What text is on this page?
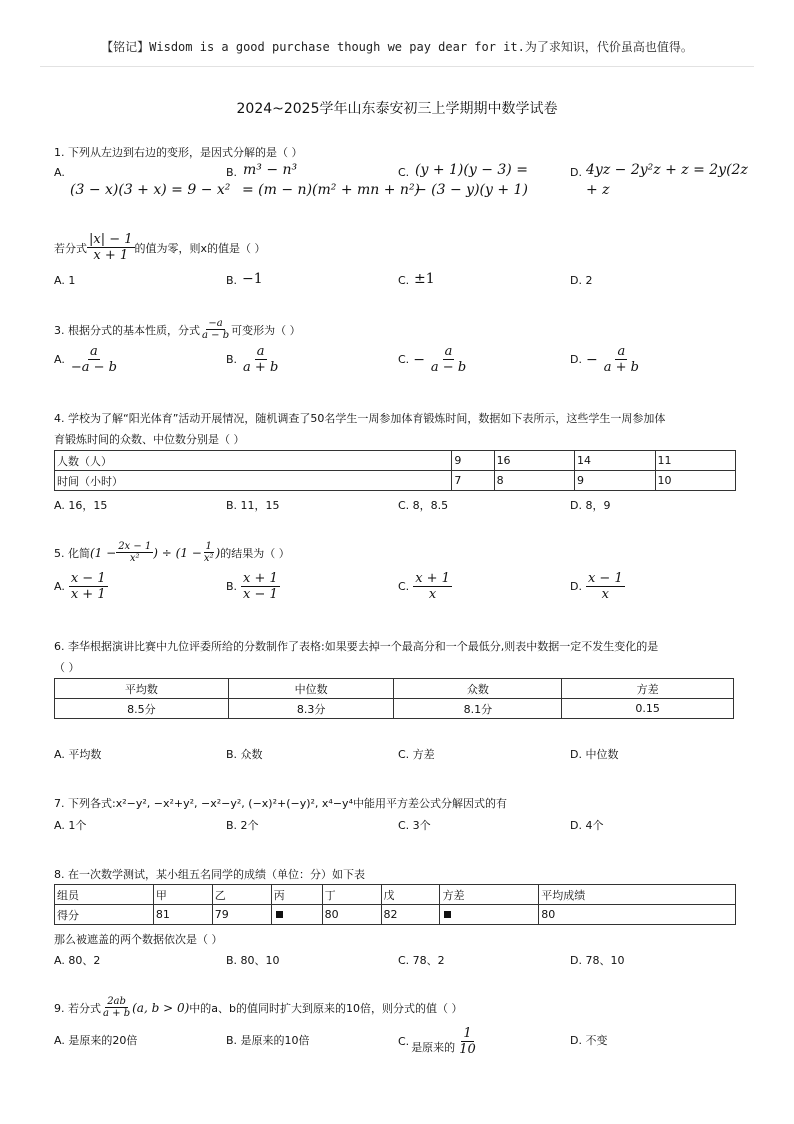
【铭记】Wisdom is a good purchase though we pay dear for it.为了求知识，代价虽高也值得。
2024~2025学年山东泰安初三上学期期中数学试卷
1. 下列从左边到右边的变形，是因式分解的是（ ）
A.
(3 − x)(3 + x) = 9 − x²
B. m³ − n³
= (m − n)(m² + mn + n²)
C. (y + 1)(y − 3) =
− (3 − y)(y + 1)
D. 4yz − 2y²z + z = 2y(2z
+ z
若分式 $\frac{|x| - 1}{x + 1}$ 的值为零，则x的值是（ ）
A. 1	B. −1	C. ±1	D. 2
3. 根据分式的基本性质，分式 $\frac{-a}{a - b}$ 可变形为（ ）
A. $\frac{a}{-a - b}$	B. $\frac{a}{a + b}$	C. − $\frac{a}{a - b}$	D. − $\frac{a}{a + b}$
4. 学校为了解“阳光体育”活动开展情况，随机调查了50名学生一周参加体育锻炼时间，数据如下表所示，这些学生一周参加体
育锻炼时间的众数、中位数分别是（ ）
人数（人）	9	16	14	11
时间（小时）	7	8	9	10
A. 16，15	B. 11，15	C. 8，8.5	D. 8，9
5. 化简 ($1 - \frac{2x - 1}{\text{x²}}$ ) ÷ ($1 - \frac{1}{\text{x²}}$ ) 的结果为（ ）
A. $\frac{x - 1}{x + 1}$	B. $\frac{x + 1}{x - 1}$	C. $\frac{x + 1}{x}$	D. $\frac{x - 1}{x}$
6. 李华根据演讲比赛中九位评委所给的分数制作了表格:如果要去掉一个最高分和一个最低分,则表中数据一定不发生变化的是
（ ）
平均数	中位数	众数	方差
8.5分	8.3分	8.1分	0.15
A. 平均数	B. 众数	C. 方差	D. 中位数
7. 下列各式:x²−y², −x²+y², −x²−y², (−x)²+(−y)², x⁴−y⁴中能用平方差公式分解因式的有
A. 1个	B. 2个	C. 3个	D. 4个
8. 在一次数学测试，某小组五名同学的成绩（单位：分）如下表
组员	甲	乙	丙	丁	戊	方差	平均成绩
得分	81	79		80	82		80
那么被遮盖的两个数据依次是（ ）
A. 80、2	B. 80、10	C. 78、2	D. 78、10
9. 若分式 $\frac{2ab}{a + b} (a$, b > 0) 中的a、b的值同时扩大到原来的10倍，则分式的值（ ）
A. 是原来的20倍	B. 是原来的10倍	C. 是原来的 $\frac{1}{10}$	D. 不变
